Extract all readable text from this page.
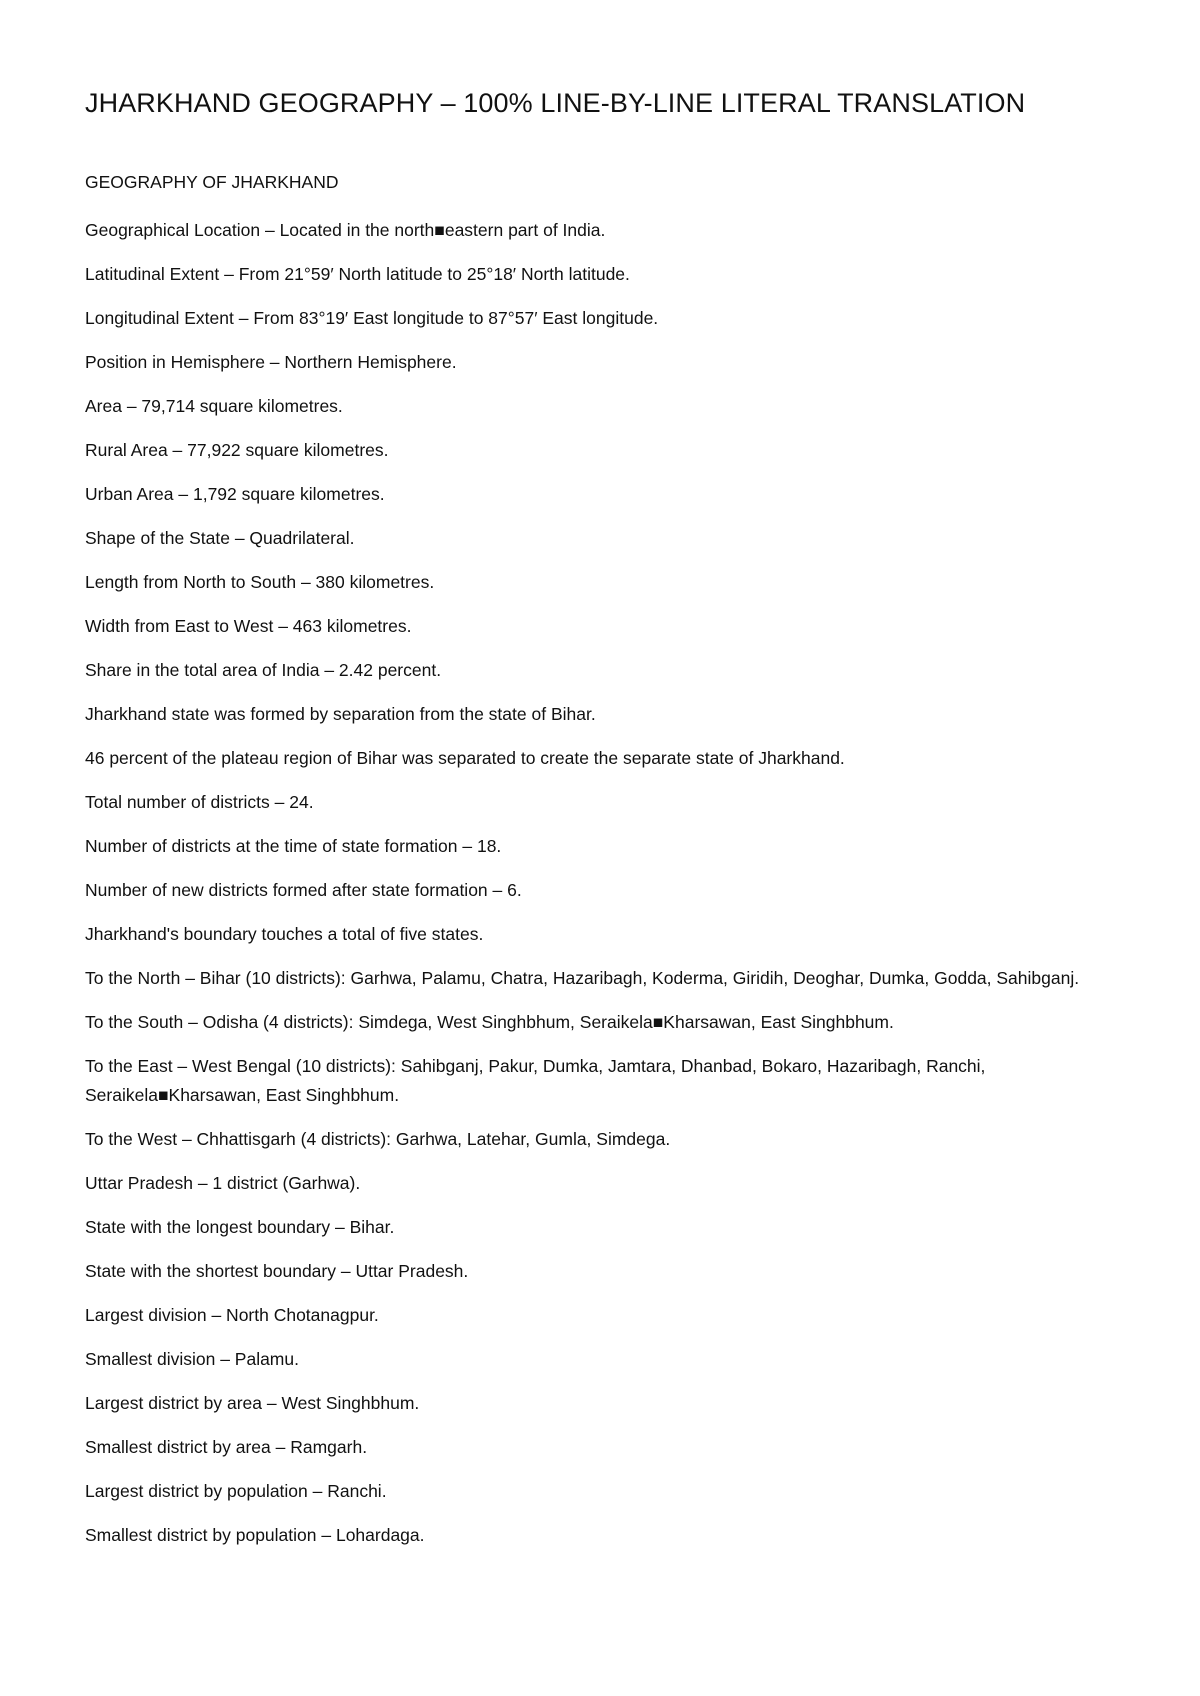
JHARKHAND GEOGRAPHY – 100% LINE-BY-LINE LITERAL TRANSLATION
GEOGRAPHY OF JHARKHAND
Geographical Location – Located in the north■eastern part of India.
Latitudinal Extent – From 21°59′ North latitude to 25°18′ North latitude.
Longitudinal Extent – From 83°19′ East longitude to 87°57′ East longitude.
Position in Hemisphere – Northern Hemisphere.
Area – 79,714 square kilometres.
Rural Area – 77,922 square kilometres.
Urban Area – 1,792 square kilometres.
Shape of the State – Quadrilateral.
Length from North to South – 380 kilometres.
Width from East to West – 463 kilometres.
Share in the total area of India – 2.42 percent.
Jharkhand state was formed by separation from the state of Bihar.
46 percent of the plateau region of Bihar was separated to create the separate state of Jharkhand.
Total number of districts – 24.
Number of districts at the time of state formation – 18.
Number of new districts formed after state formation – 6.
Jharkhand's boundary touches a total of five states.
To the North – Bihar (10 districts): Garhwa, Palamu, Chatra, Hazaribagh, Koderma, Giridih, Deoghar, Dumka, Godda, Sahibganj.
To the South – Odisha (4 districts): Simdega, West Singhbhum, Seraikela■Kharsawan, East Singhbhum.
To the East – West Bengal (10 districts): Sahibganj, Pakur, Dumka, Jamtara, Dhanbad, Bokaro, Hazaribagh, Ranchi, Seraikela■Kharsawan, East Singhbhum.
To the West – Chhattisgarh (4 districts): Garhwa, Latehar, Gumla, Simdega.
Uttar Pradesh – 1 district (Garhwa).
State with the longest boundary – Bihar.
State with the shortest boundary – Uttar Pradesh.
Largest division – North Chotanagpur.
Smallest division – Palamu.
Largest district by area – West Singhbhum.
Smallest district by area – Ramgarh.
Largest district by population – Ranchi.
Smallest district by population – Lohardaga.
